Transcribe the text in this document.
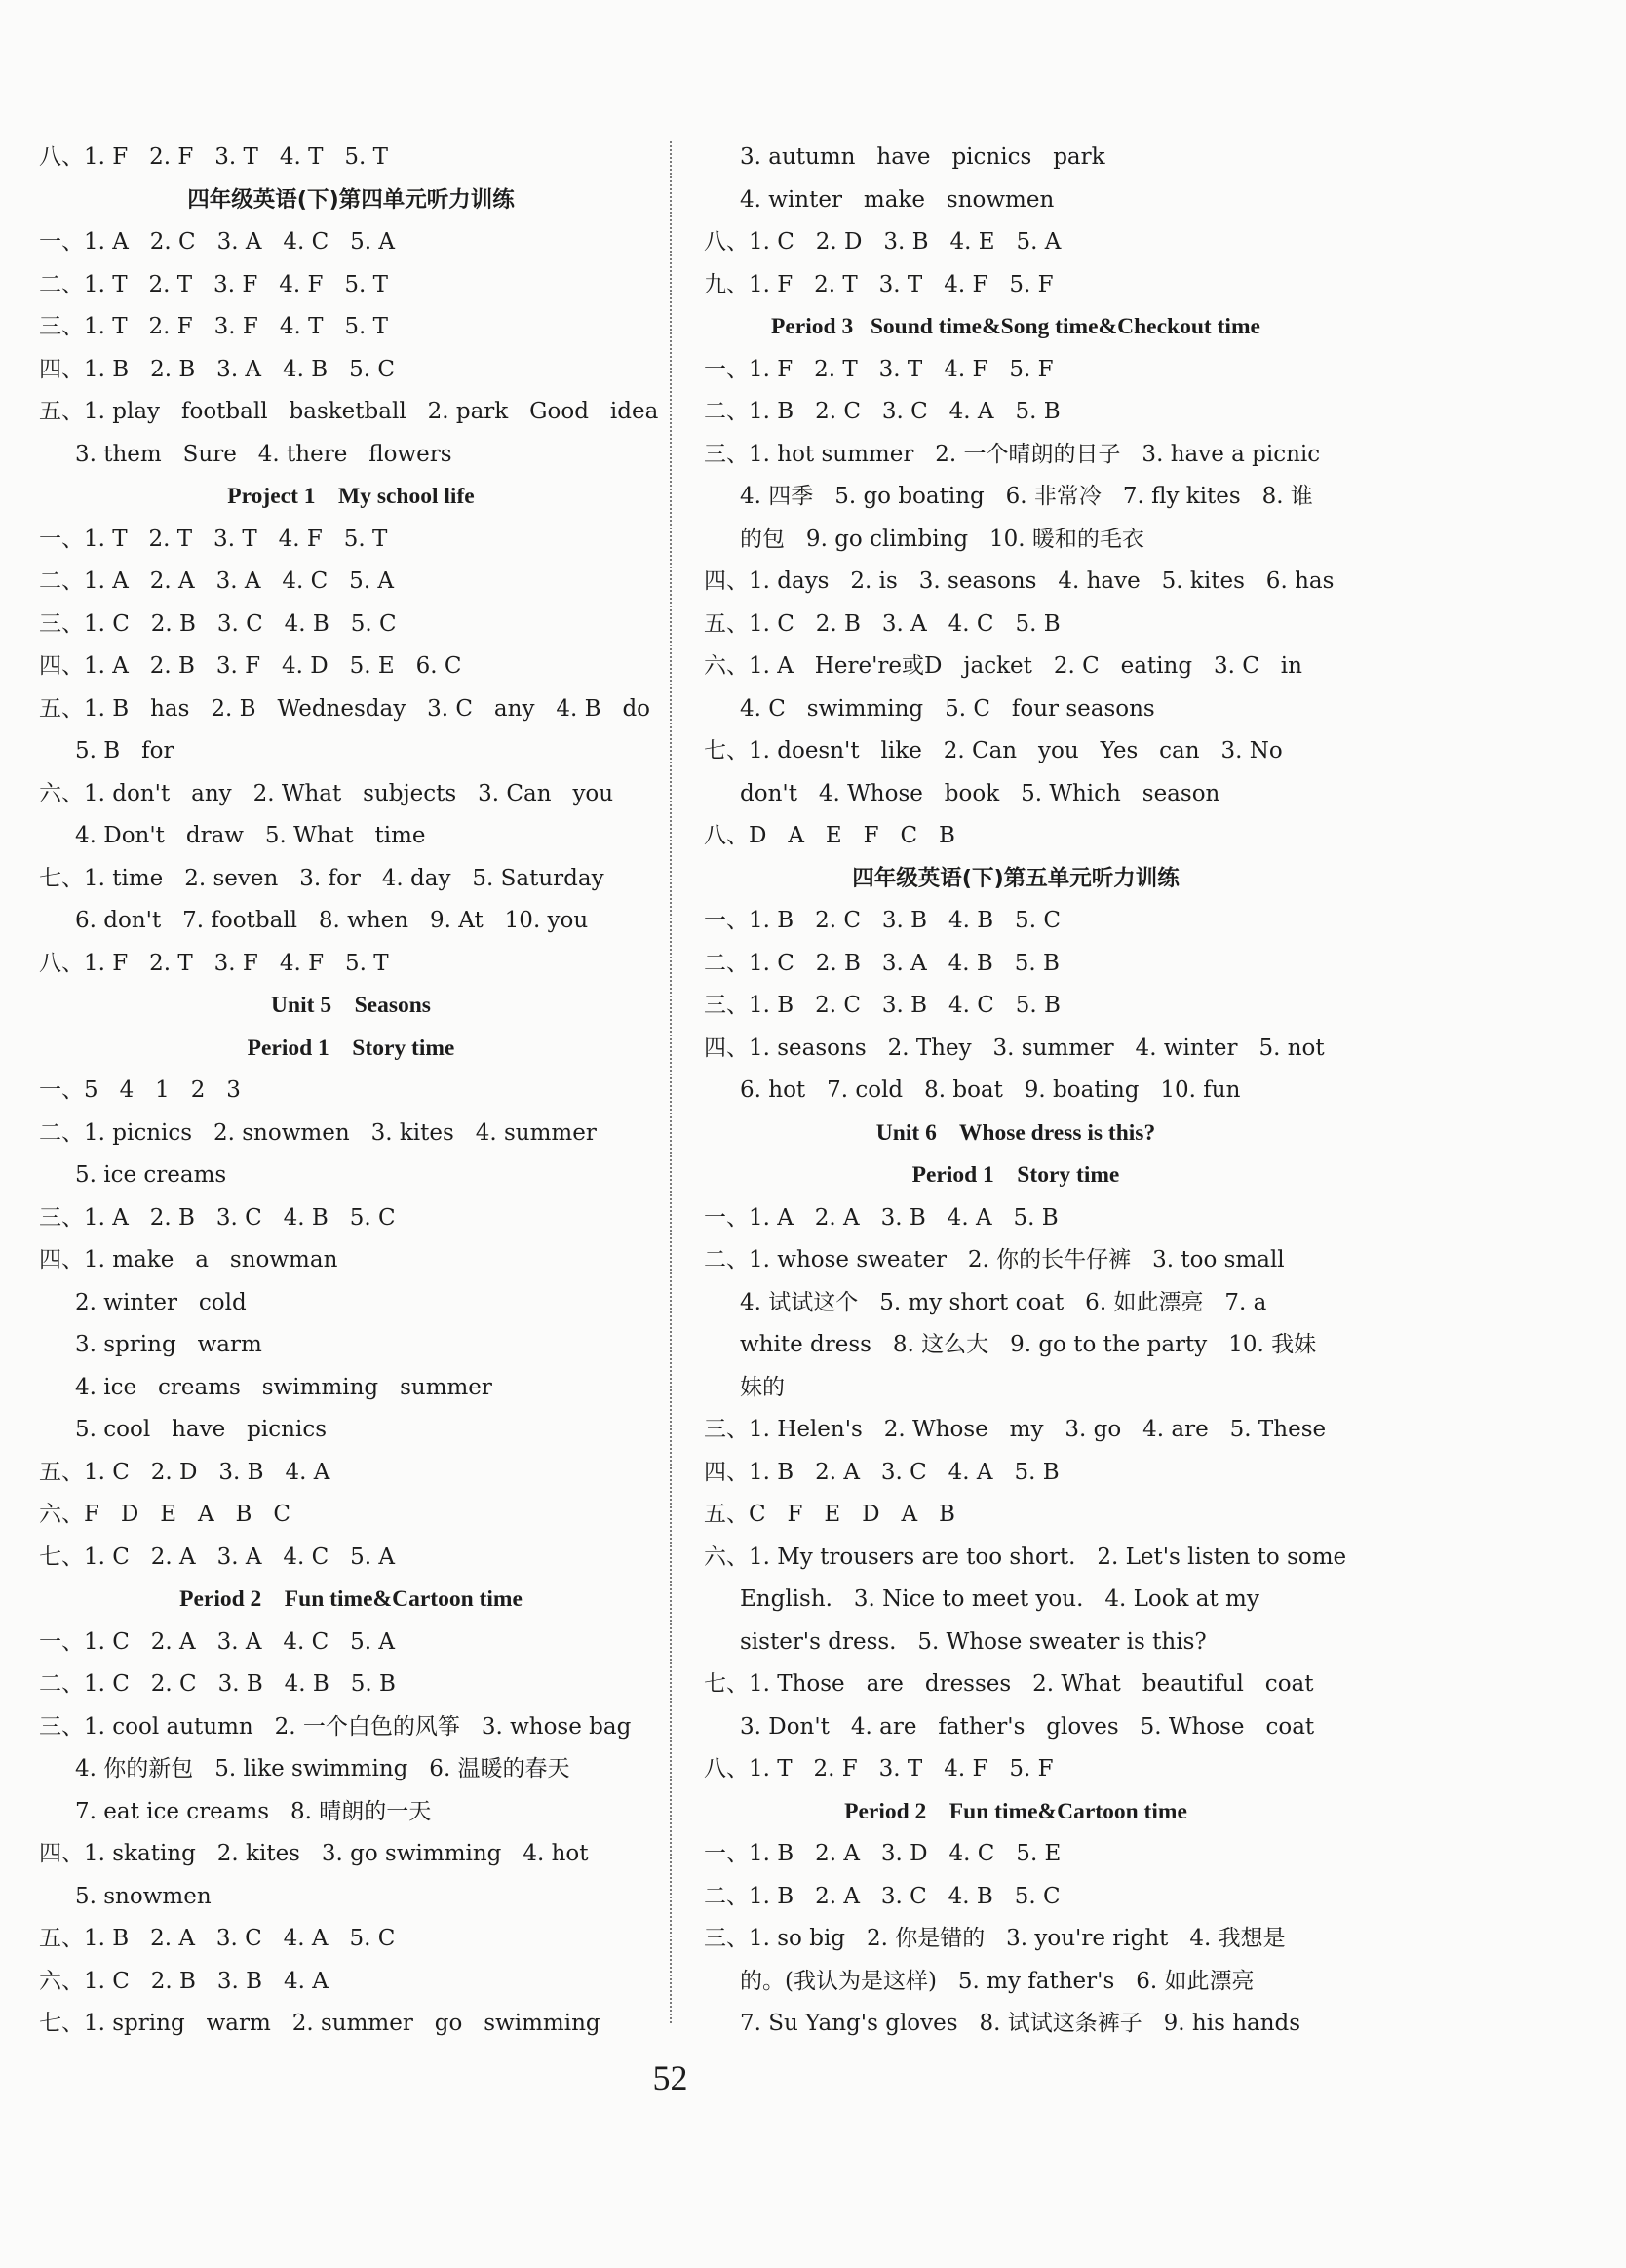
八、1. F   2. F   3. T   4. T   5. T
四年级英语(下)第四单元听力训练
一、1. A   2. C   3. A   4. C   5. A
二、1. T   2. T   3. F   4. F   5. T
三、1. T   2. F   3. F   4. T   5. T
四、1. B   2. B   3. A   4. B   5. C
五、1. play   football   basketball   2. park   Good   idea
3. them   Sure   4. there   flowers
Project 1    My school life
一、1. T   2. T   3. T   4. F   5. T
二、1. A   2. A   3. A   4. C   5. A
三、1. C   2. B   3. C   4. B   5. C
四、1. A   2. B   3. F   4. D   5. E   6. C
五、1. B   has   2. B   Wednesday   3. C   any   4. B   do
5. B   for
六、1. don't   any   2. What   subjects   3. Can   you
4. Don't   draw   5. What   time
七、1. time   2. seven   3. for   4. day   5. Saturday
6. don't   7. football   8. when   9. At   10. you
八、1. F   2. T   3. F   4. F   5. T
Unit 5    Seasons
Period 1    Story time
一、5   4   1   2   3
二、1. picnics   2. snowmen   3. kites   4. summer
5. ice creams
三、1. A   2. B   3. C   4. B   5. C
四、1. make   a   snowman
2. winter   cold
3. spring   warm
4. ice   creams   swimming   summer
5. cool   have   picnics
五、1. C   2. D   3. B   4. A
六、F   D   E   A   B   C
七、1. C   2. A   3. A   4. C   5. A
Period 2    Fun time&Cartoon time
一、1. C   2. A   3. A   4. C   5. A
二、1. C   2. C   3. B   4. B   5. B
三、1. cool autumn   2. 一个白色的风筝   3. whose bag
4. 你的新包   5. like swimming   6. 温暖的春天
7. eat ice creams   8. 晴朗的一天
四、1. skating   2. kites   3. go swimming   4. hot
5. snowmen
五、1. B   2. A   3. C   4. A   5. C
六、1. C   2. B   3. B   4. A
七、1. spring   warm   2. summer   go   swimming
3. autumn   have   picnics   park
4. winter   make   snowmen
八、1. C   2. D   3. B   4. E   5. A
九、1. F   2. T   3. T   4. F   5. F
Period 3   Sound time&Song time&Checkout time
一、1. F   2. T   3. T   4. F   5. F
二、1. B   2. C   3. C   4. A   5. B
三、1. hot summer   2. 一个晴朗的日子   3. have a picnic
4. 四季   5. go boating   6. 非常冷   7. fly kites   8. 谁
的包   9. go climbing   10. 暖和的毛衣
四、1. days   2. is   3. seasons   4. have   5. kites   6. has
五、1. C   2. B   3. A   4. C   5. B
六、1. A   Here're或D   jacket   2. C   eating   3. C   in
4. C   swimming   5. C   four seasons
七、1. doesn't   like   2. Can   you   Yes   can   3. No
don't   4. Whose   book   5. Which   season
八、D   A   E   F   C   B
四年级英语(下)第五单元听力训练
一、1. B   2. C   3. B   4. B   5. C
二、1. C   2. B   3. A   4. B   5. B
三、1. B   2. C   3. B   4. C   5. B
四、1. seasons   2. They   3. summer   4. winter   5. not
6. hot   7. cold   8. boat   9. boating   10. fun
Unit 6    Whose dress is this?
Period 1    Story time
一、1. A   2. A   3. B   4. A   5. B
二、1. whose sweater   2. 你的长牛仔裤   3. too small
4. 试试这个   5. my short coat   6. 如此漂亮   7. a
white dress   8. 这么大   9. go to the party   10. 我妹
妹的
三、1. Helen's   2. Whose   my   3. go   4. are   5. These
四、1. B   2. A   3. C   4. A   5. B
五、C   F   E   D   A   B
六、1. My trousers are too short.   2. Let's listen to some
English.   3. Nice to meet you.   4. Look at my
sister's dress.   5. Whose sweater is this?
七、1. Those   are   dresses   2. What   beautiful   coat
3. Don't   4. are   father's   gloves   5. Whose   coat
八、1. T   2. F   3. T   4. F   5. F
Period 2    Fun time&Cartoon time
一、1. B   2. A   3. D   4. C   5. E
二、1. B   2. A   3. C   4. B   5. C
三、1. so big   2. 你是错的   3. you're right   4. 我想是
的。(我认为是这样)   5. my father's   6. 如此漂亮
7. Su Yang's gloves   8. 试试这条裤子   9. his hands
52
